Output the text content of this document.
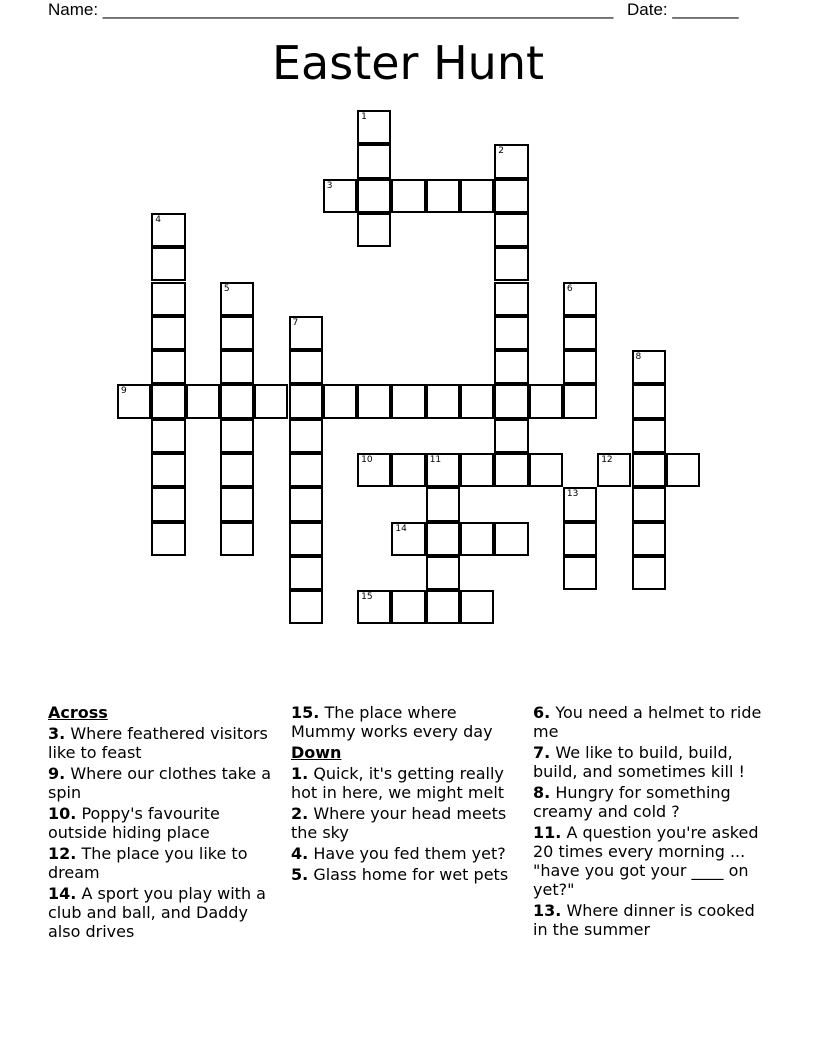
Name: ______________________________________________________ Date: _______
Easter Hunt
1
2
3
4
5	6
7
8
9
10	11	12
13
14
15
Across
3. Where feathered visitors like to feast
9. Where our clothes take a spin
10. Poppy's favourite outside hiding place
12. The place you like to dream
14. A sport you play with a club and ball, and Daddy also drives
15. The place where Mummy works every day
Down
1. Quick, it's getting really hot in here, we might melt
2. Where your head meets the sky
4. Have you fed them yet?
5. Glass home for wet pets
6. You need a helmet to ride me
7. We like to build, build, build, and sometimes kill !
8. Hungry for something creamy and cold ?
11. A question you're asked 20 times every morning ... "have you got your ____ on yet?"
13. Where dinner is cooked in the summer
